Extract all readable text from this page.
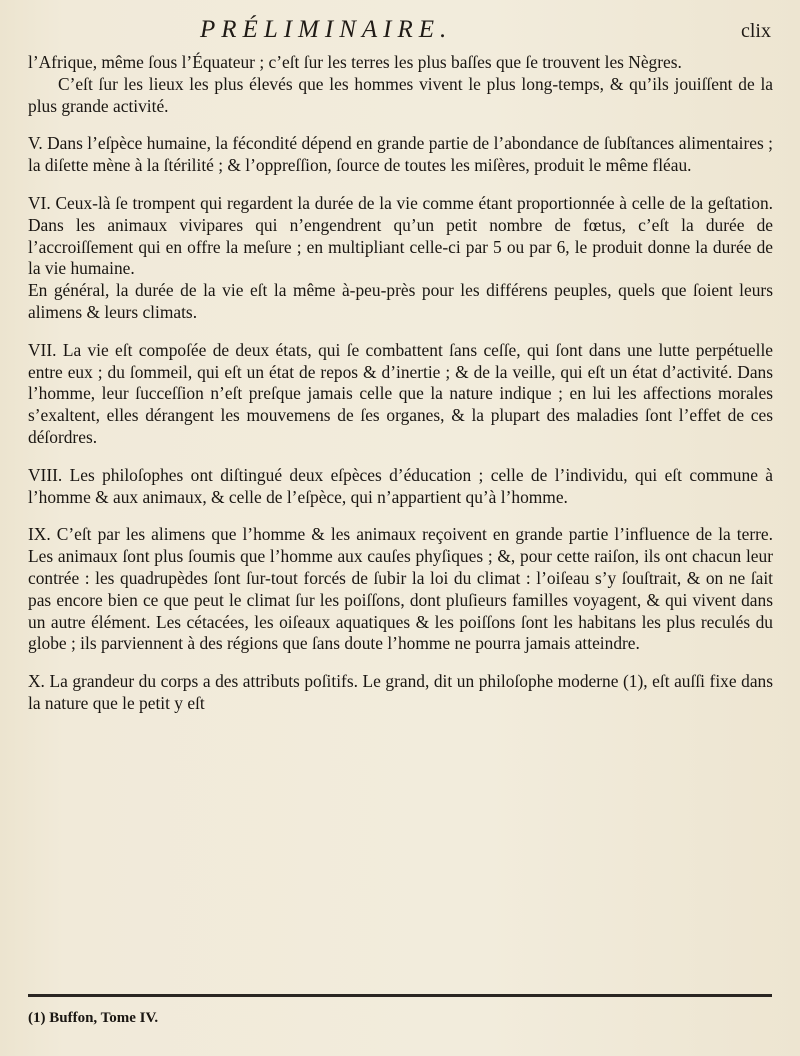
PRÉLIMINAIRE.	clix

l’Afrique, même ſous l’Équateur ; c’eſt ſur les terres les plus baſſes que ſe trouvent les Nègres.

C’eſt ſur les lieux les plus élevés que les hommes vivent le plus long-temps, & qu’ils jouiſſent de la plus grande activité.

V. Dans l’eſpèce humaine, la fécondité dépend en grande partie de l’abondance de ſubſtances alimentaires ; la diſette mène à la ſtérilité ; & l’oppreſſion, ſource de toutes les miſères, produit le même fléau.

VI. Ceux-là ſe trompent qui regardent la durée de la vie comme étant proportionnée à celle de la geſtation. Dans les animaux vivipares qui n’engendrent qu’un petit nombre de fœtus, c’eſt la durée de l’accroiſſement qui en offre la meſure ; en multipliant celle-ci par 5 ou par 6, le produit donne la durée de la vie humaine.

En général, la durée de la vie eſt la même à-peu-près pour les différens peuples, quels que ſoient leurs alimens & leurs climats.

VII. La vie eſt compoſée de deux états, qui ſe combattent ſans ceſſe, qui ſont dans une lutte perpétuelle entre eux ; du ſommeil, qui eſt un état de repos & d’inertie ; & de la veille, qui eſt un état d’activité. Dans l’homme, leur ſucceſſion n’eſt preſque jamais celle que la nature indique ; en lui les affections morales s’exaltent, elles dérangent les mouvemens de ſes organes, & la plupart des maladies ſont l’effet de ces déſordres.

VIII. Les philoſophes ont diſtingué deux eſpèces d’éducation ; celle de l’individu, qui eſt commune à l’homme & aux animaux, & celle de l’eſpèce, qui n’appartient qu’à l’homme.

IX. C’eſt par les alimens que l’homme & les animaux reçoivent en grande partie l’influence de la terre. Les animaux ſont plus ſoumis que l’homme aux cauſes phyſiques ; &, pour cette raiſon, ils ont chacun leur contrée : les quadrupèdes ſont ſur-tout forcés de ſubir la loi du climat : l’oiſeau s’y ſouſtrait, & on ne ſait pas encore bien ce que peut le climat ſur les poiſſons, dont pluſieurs familles voyagent, & qui vivent dans un autre élément. Les cétacées, les oiſeaux aquatiques & les poiſſons ſont les habitans les plus reculés du globe ; ils parviennent à des régions que ſans doute l’homme ne pourra jamais atteindre.

X. La grandeur du corps a des attributs poſitifs. Le grand, dit un philoſophe moderne (1), eſt auſſi fixe dans la nature que le petit y eſt

(1) Buffon, Tome IV.
